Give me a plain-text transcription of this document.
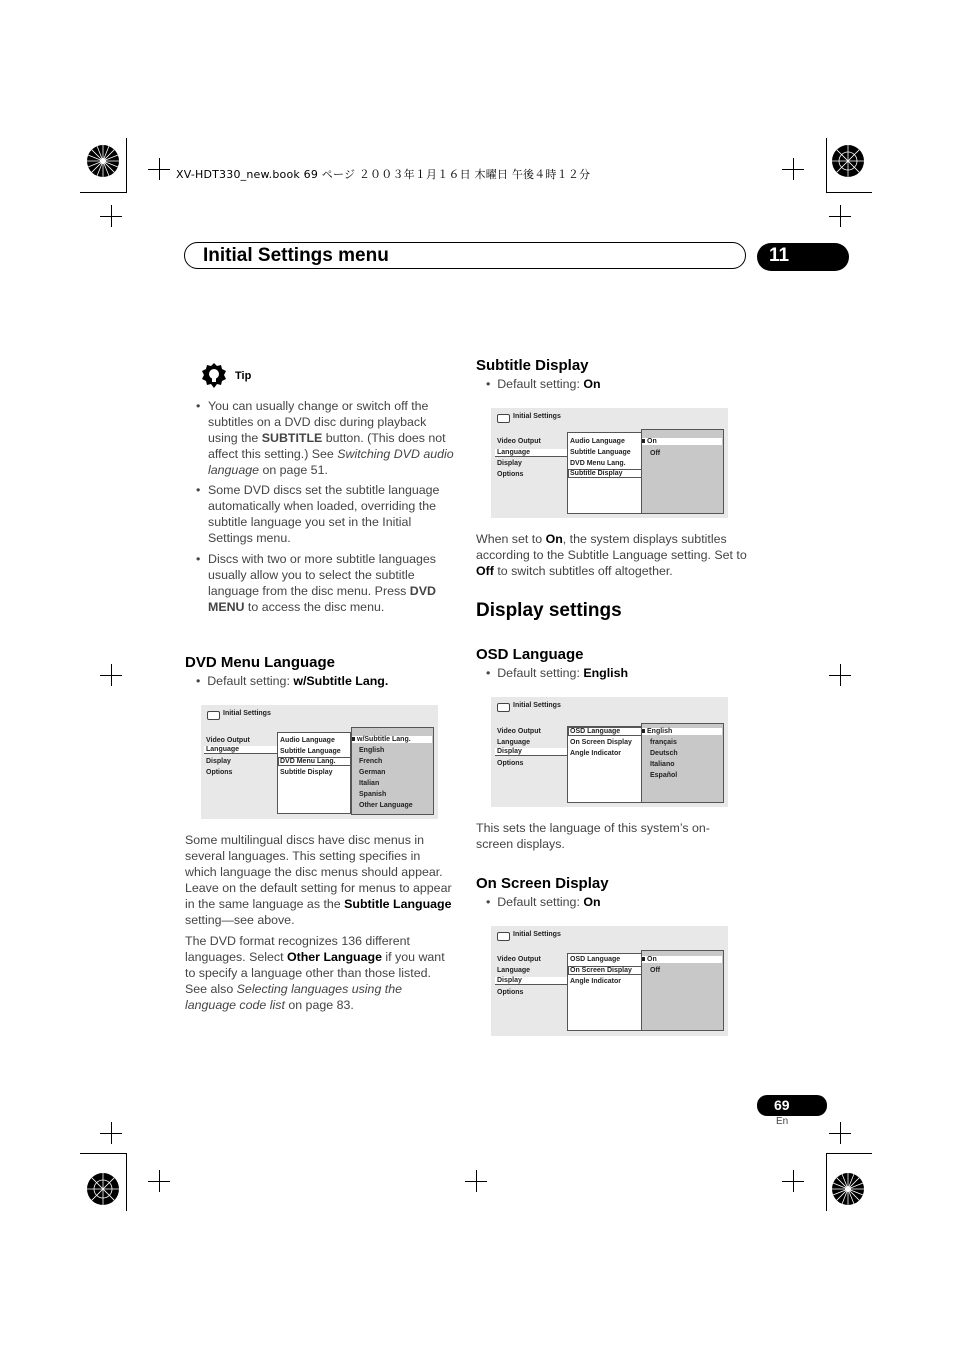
XV-HDT330_new.book 69 ページ ２００３年１月１６日 木曜日 午後４時１２分
Initial Settings menu	11
Tip
• You can usually change or switch off the subtitles on a DVD disc during playback using the SUBTITLE button. (This does not affect this setting.) See Switching DVD audio language on page 51.
• Some DVD discs set the subtitle language automatically when loaded, overriding the subtitle language you set in the Initial Settings menu.
• Discs with two or more subtitle languages usually allow you to select the subtitle language from the disc menu. Press DVD MENU to access the disc menu.
DVD Menu Language
•  Default setting: w/Subtitle Lang.
Initial Settings
Video Output
Language
Display
Options
Audio Language
Subtitle Language
DVD Menu Lang.
Subtitle Display
w/Subtitle Lang.
English
French
German
Italian
Spanish
Other Language
Some multilingual discs have disc menus in several languages. This setting specifies in which language the disc menus should appear. Leave on the default setting for menus to appear in the same language as the Subtitle Language setting—see above.
The DVD format recognizes 136 different languages. Select Other Language if you want to specify a language other than those listed. See also Selecting languages using the language code list on page 83.
Subtitle Display
•  Default setting: On
Initial Settings
Video Output
Language
Display
Options
Audio Language
Subtitle Language
DVD Menu Lang.
Subtitle Display
On
Off
When set to On, the system displays subtitles according to the Subtitle Language setting. Set to Off to switch subtitles off altogether.
Display settings
OSD Language
•  Default setting: English
Initial Settings
Video Output
Language
Display
Options
OSD Language
On Screen Display
Angle Indicator
English
français
Deutsch
Italiano
Español
This sets the language of this system’s on-screen displays.
On Screen Display
•  Default setting: On
Initial Settings
Video Output
Language
Display
Options
OSD Language
On Screen Display
Angle Indicator
On
Off
69
En
